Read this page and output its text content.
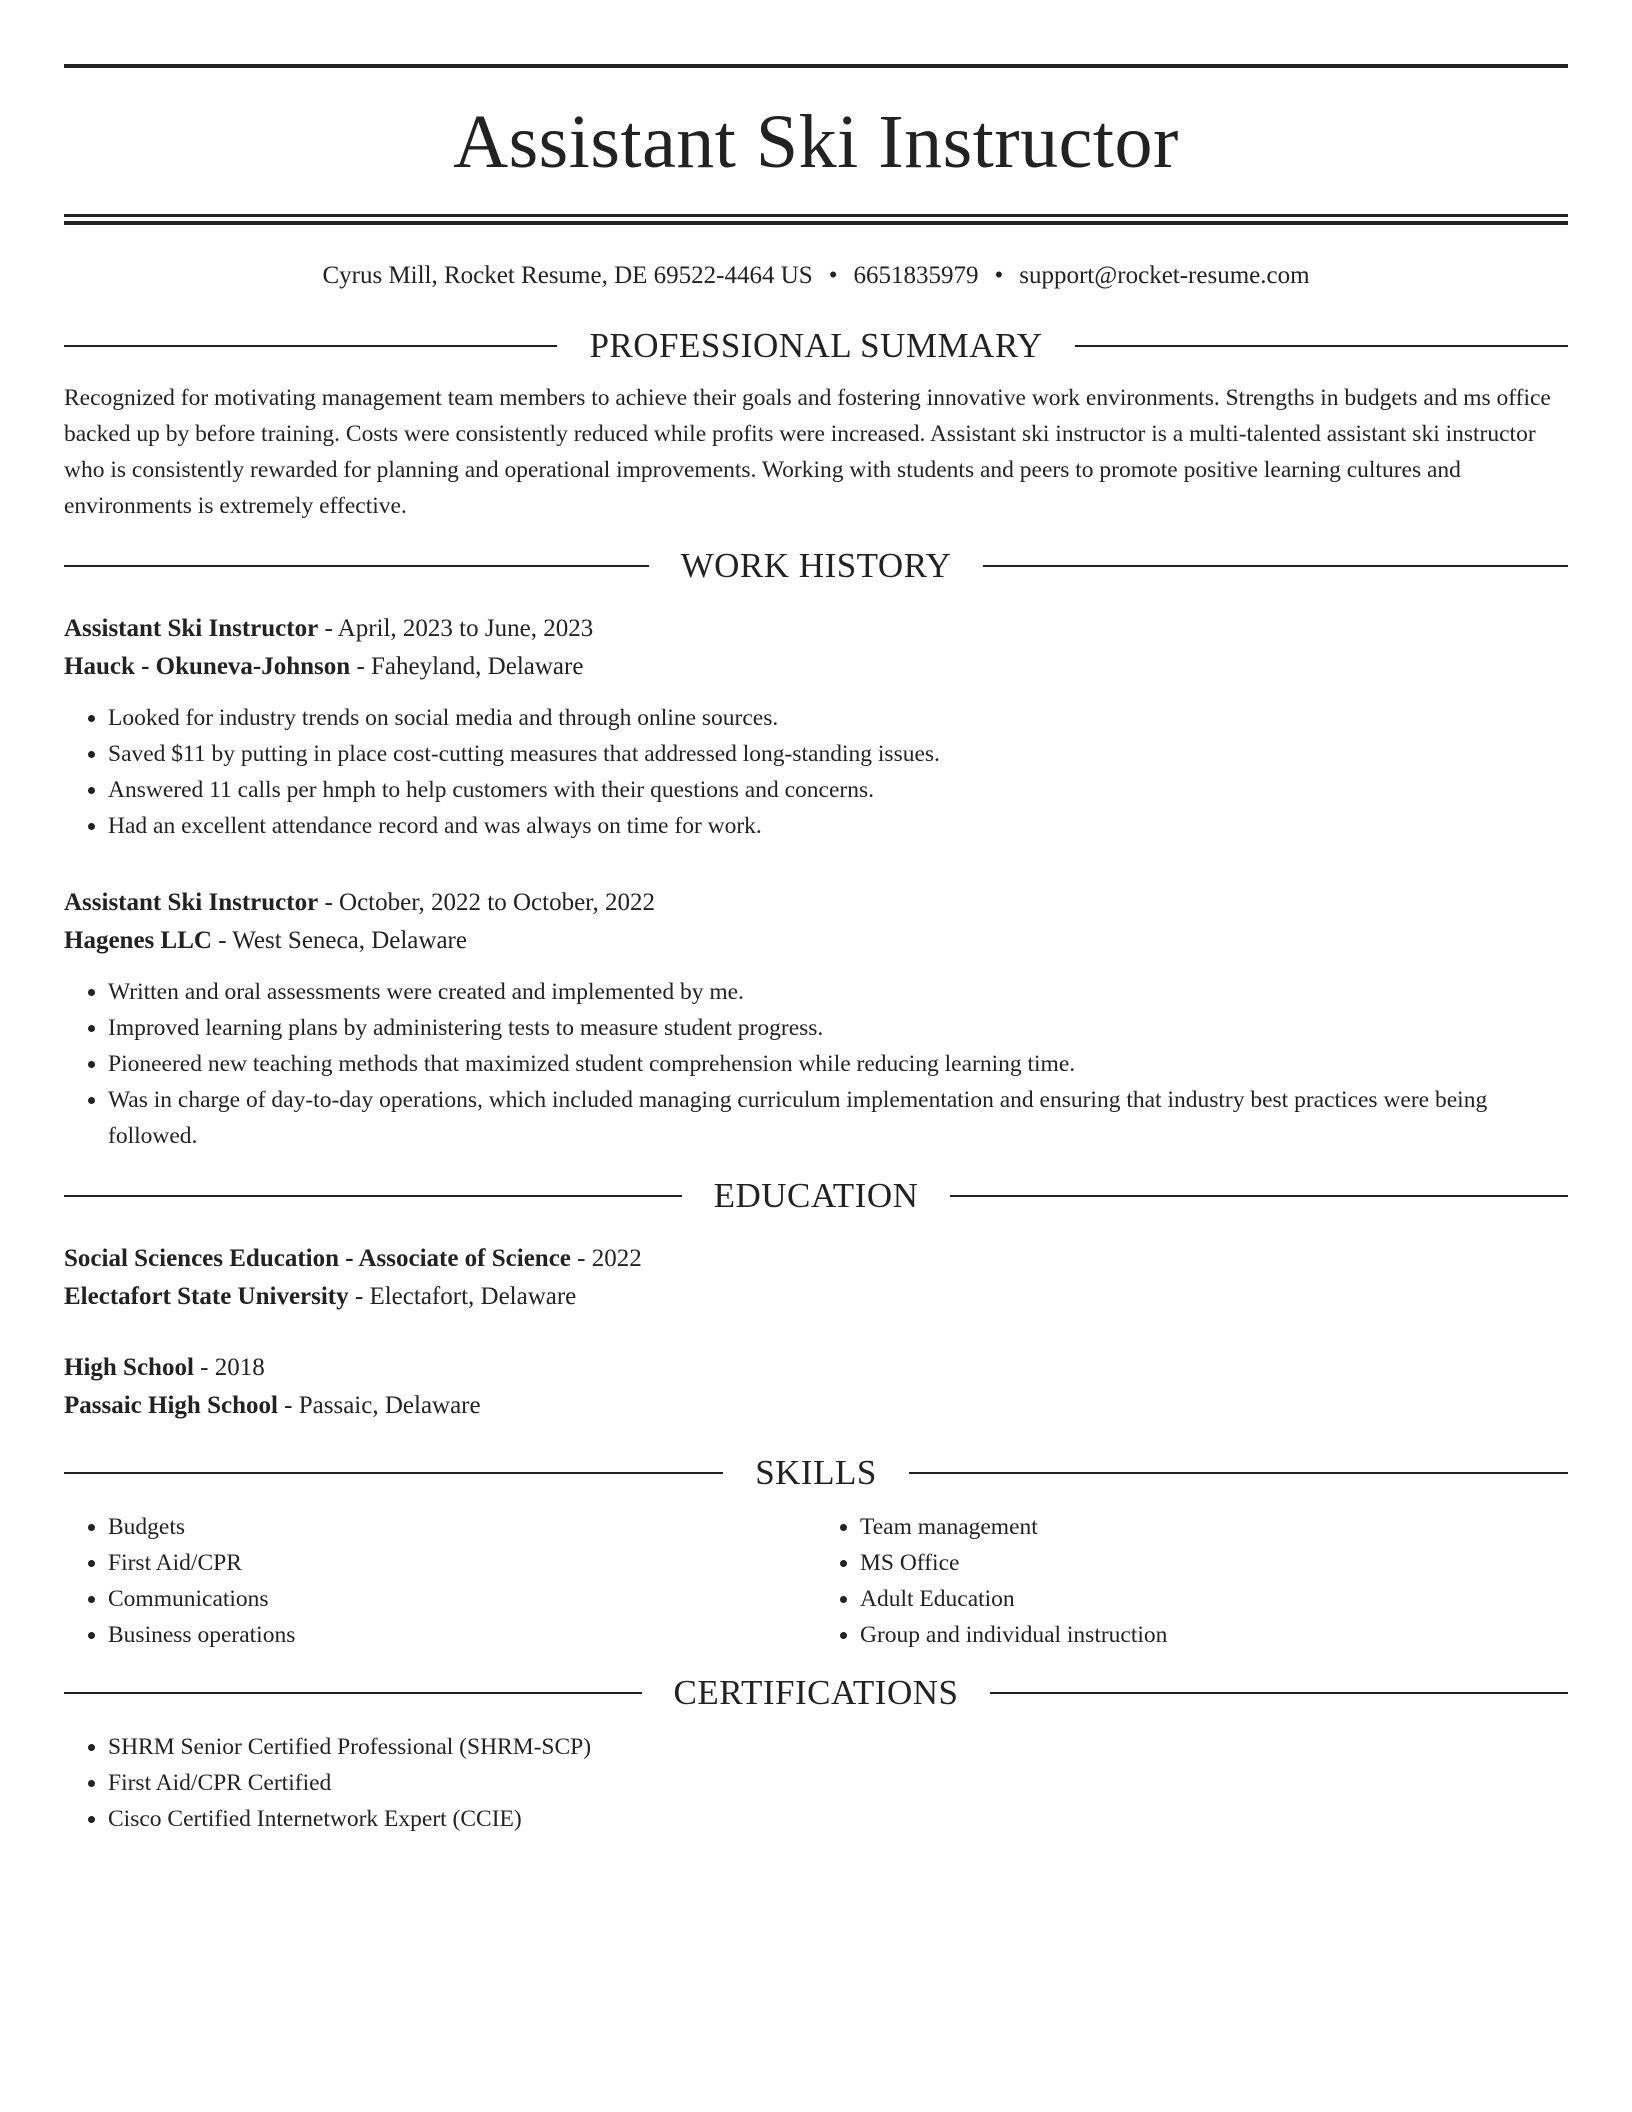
Assistant Ski Instructor
Cyrus Mill, Rocket Resume, DE 69522-4464 US • 6651835979 • support@rocket-resume.com
PROFESSIONAL SUMMARY
Recognized for motivating management team members to achieve their goals and fostering innovative work environments. Strengths in budgets and ms office backed up by before training. Costs were consistently reduced while profits were increased. Assistant ski instructor is a multi-talented assistant ski instructor who is consistently rewarded for planning and operational improvements. Working with students and peers to promote positive learning cultures and environments is extremely effective.
WORK HISTORY
Assistant Ski Instructor - April, 2023 to June, 2023
Hauck - Okuneva-Johnson - Faheyland, Delaware
• Looked for industry trends on social media and through online sources.
• Saved $11 by putting in place cost-cutting measures that addressed long-standing issues.
• Answered 11 calls per hmph to help customers with their questions and concerns.
• Had an excellent attendance record and was always on time for work.
Assistant Ski Instructor - October, 2022 to October, 2022
Hagenes LLC - West Seneca, Delaware
• Written and oral assessments were created and implemented by me.
• Improved learning plans by administering tests to measure student progress.
• Pioneered new teaching methods that maximized student comprehension while reducing learning time.
• Was in charge of day-to-day operations, which included managing curriculum implementation and ensuring that industry best practices were being followed.
EDUCATION
Social Sciences Education - Associate of Science - 2022
Electafort State University - Electafort, Delaware
High School - 2018
Passaic High School - Passaic, Delaware
SKILLS
• Budgets
• First Aid/CPR
• Communications
• Business operations
• Team management
• MS Office
• Adult Education
• Group and individual instruction
CERTIFICATIONS
• SHRM Senior Certified Professional (SHRM-SCP)
• First Aid/CPR Certified
• Cisco Certified Internetwork Expert (CCIE)
